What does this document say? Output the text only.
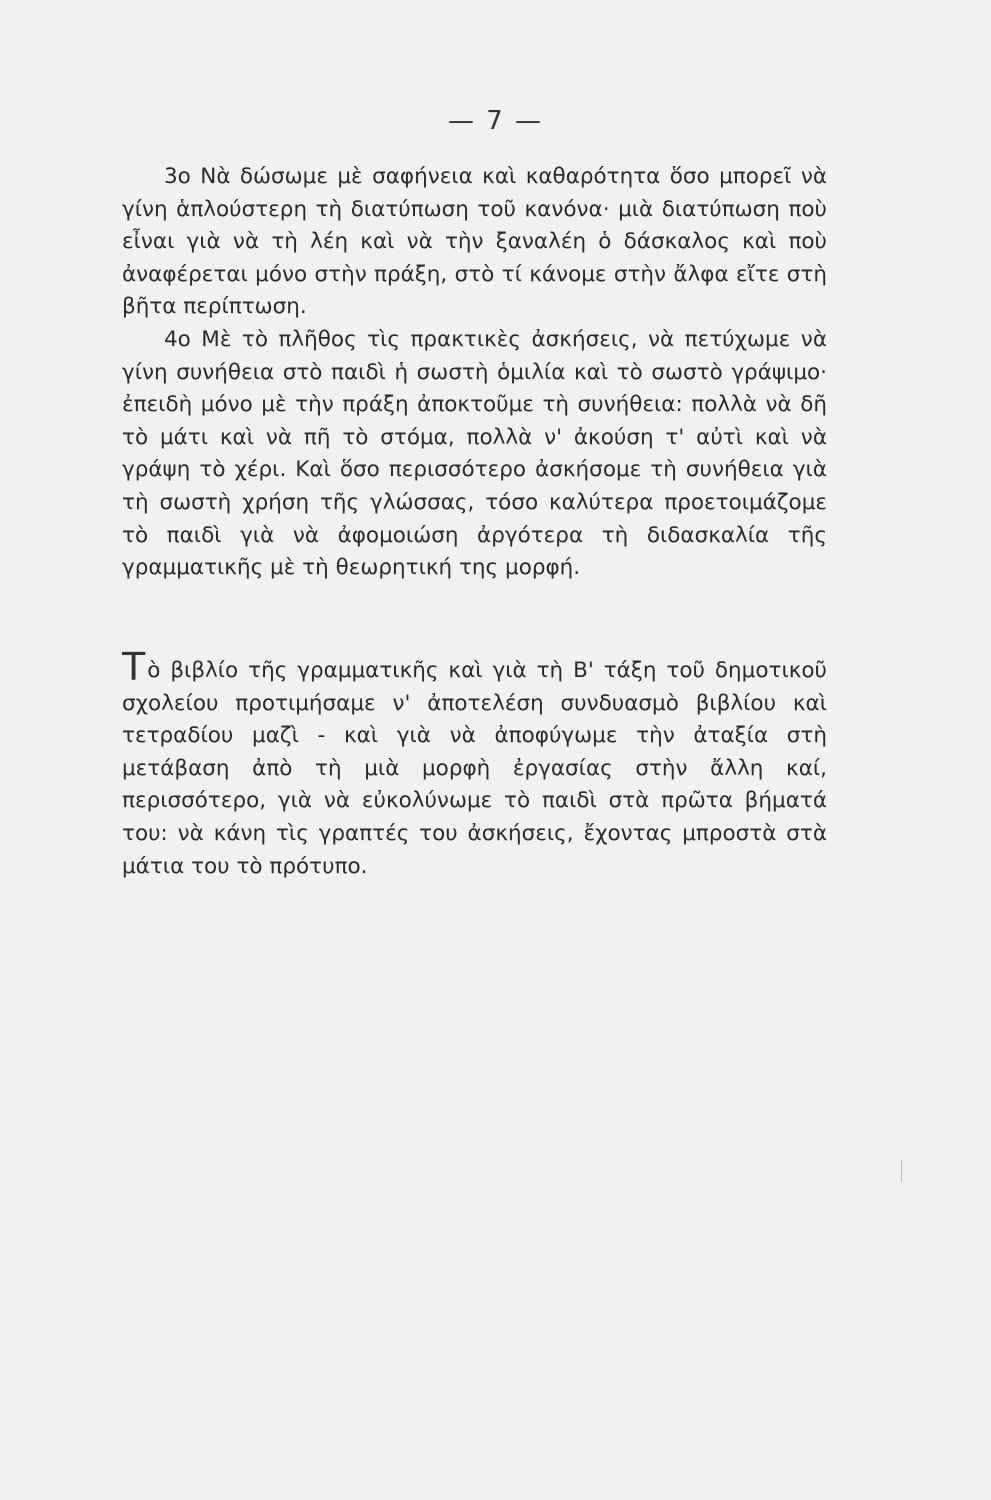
— 7 —

3ο Νὰ δώσωμε μὲ σαφήνεια καὶ καθαρότητα ὅσο μπορεῖ νὰ γίνη ἁπλούστερη τὴ διατύπωση τοῦ κανόνα· μιὰ διατύπωση ποὺ εἶναι γιὰ νὰ τὴ λέη καὶ νὰ τὴν ξαναλέη ὁ δάσκαλος καὶ ποὺ ἀναφέρεται μόνο στὴν πράξη, στὸ τί κάνομε στὴν ἄλφα εἴτε στὴ βῆτα περίπτωση.

4ο Μὲ τὸ πλῆθος τὶς πρακτικὲς ἀσκήσεις, νὰ πετύχωμε νὰ γίνη συνήθεια στὸ παιδὶ ἡ σωστὴ ὁμιλία καὶ τὸ σωστὸ γράψιμο· ἐπειδὴ μόνο μὲ τὴν πράξη ἀποκτοῦμε τὴ συνήθεια: πολλὰ νὰ δῆ τὸ μάτι καὶ νὰ πῆ τὸ στόμα, πολλὰ ν' ἀκούση τ' αὐτὶ καὶ νὰ γράψη τὸ χέρι. Καὶ ὅσο περισσότερο ἀσκήσομε τὴ συνήθεια γιὰ τὴ σωστὴ χρήση τῆς γλώσσας, τόσο καλύτερα προετοιμάζομε τὸ παιδὶ γιὰ νὰ ἀφομοιώση ἀργότερα τὴ διδασκαλία τῆς γραμματικῆς μὲ τὴ θεωρητική της μορφή.

Τὸ βιβλίο τῆς γραμματικῆς καὶ γιὰ τὴ B' τάξη τοῦ δημοτικοῦ σχολείου προτιμήσαμε ν' ἀποτελέση συνδυασμὸ βιβλίου καὶ τετραδίου μαζὶ - καὶ γιὰ νὰ ἀποφύγωμε τὴν ἀταξία στὴ μετάβαση ἀπὸ τὴ μιὰ μορφὴ ἐργασίας στὴν ἄλλη καί, περισσότερο, γιὰ νὰ εὐκολύνωμε τὸ παιδὶ στὰ πρῶτα βήματά του: νὰ κάνη τὶς γραπτές του ἀσκήσεις, ἔχοντας μπροστὰ στὰ μάτια του τὸ πρότυπο.
